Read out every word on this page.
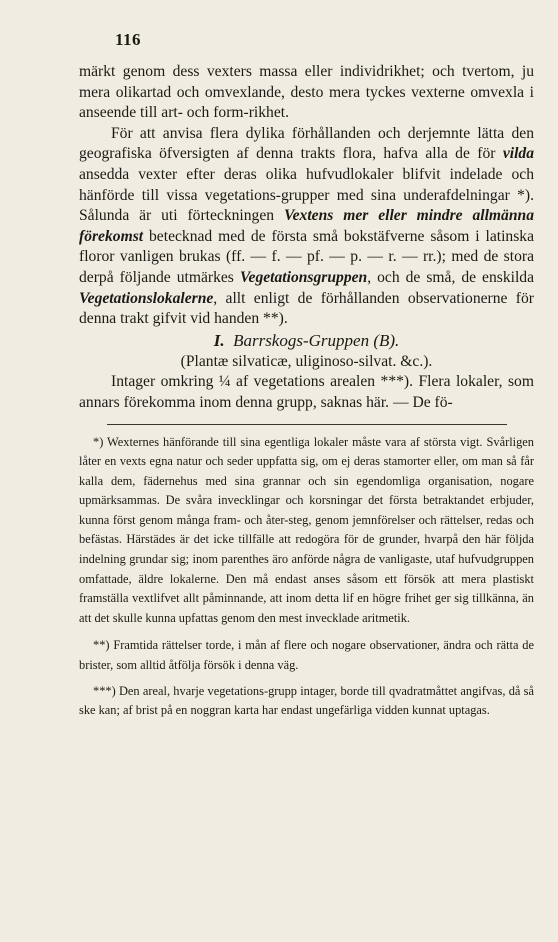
116

märkt genom dess vexters massa eller individrikhet; och tvertom, ju mera olikartad och omvexlande, desto mera tyckes vexterne omvexla i anseende till art- och form-rikhet.

För att anvisa flera dylika förhållanden och derjemnte lätta den geografiska öfversigten af denna trakts flora, hafva alla de för vilda ansedda vexter efter deras olika hufvudlokaler blifvit indelade och hänförde till vissa vegetations-grupper med sina underafdelningar *). Sålunda är uti förteckningen Vextens mer eller mindre allmänna förekomst betecknad med de första små bokstäfverne såsom i latinska floror vanligen brukas (ff. — f. — pf. — p. — r. — rr.); med de stora derpå följande utmärkes Vegetationsgruppen, och de små, de enskilda Vegetationslokalerne, allt enligt de förhållanden observationerne för denna trakt gifvit vid handen **).

I. Barrskogs-Gruppen (B).

(Plantæ silvaticæ, uliginoso-silvat. &c.).

Intager omkring ¼ af vegetations arealen ***). Flera lokaler, som annars förekomma inom denna grupp, saknas här. — De fö-

*) Wexternes hänförande till sina egentliga lokaler måste vara af största vigt. Svårligen låter en vexts egna natur och seder uppfatta sig, om ej deras stamorter eller, om man så får kalla dem, fädernehus med sina grannar och sin egendomliga organisation, nogare upmärksammas. De svåra invecklingar och korsningar det första betraktandet erbjuder, kunna först genom många fram- och åter-steg, genom jemnförelser och rättelser, redas och befästas. Härstädes är det icke tillfälle att redogöra för de grunder, hvarpå den här följda indelning grundar sig; inom parenthes äro anförde några de vanligaste, utaf hufvudgruppen omfattade, äldre lokalerne. Den må endast anses såsom ett försök att mera plastiskt framställa vextlifvet allt påminnande, att inom detta lif en högre frihet ger sig tillkänna, än att det skulle kunna upfattas genom den mest invecklade aritmetik.

**) Framtida rättelser torde, i mån af flere och nogare observationer, ändra och rätta de brister, som alltid åtfölja försök i denna väg.

***) Den areal, hvarje vegetations-grupp intager, borde till qvadratmåttet angifvas, då så ske kan; af brist på en noggran karta har endast ungefärliga vidden kunnat uptagas.
